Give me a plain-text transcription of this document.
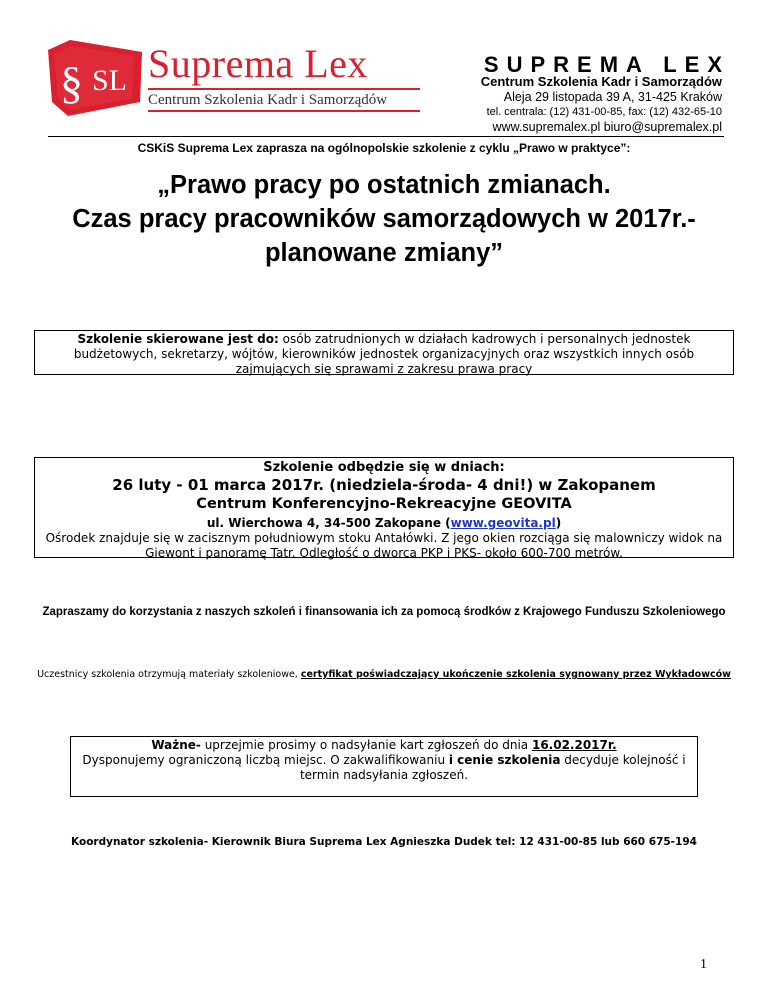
§ SL Suprema Lex
Centrum Szkolenia Kadr i Samorządów
SUPREMA LEX
Centrum Szkolenia Kadr i Samorządów
Aleja 29 listopada 39 A, 31-425 Kraków
tel. centrala: (12) 431-00-85, fax: (12) 432-65-10
www.supremalex.pl biuro@supremalex.pl
CSKiS Suprema Lex zaprasza na ogólnopolskie szkolenie z cyklu „Prawo w praktyce”:
„Prawo pracy po ostatnich zmianach.
Czas pracy pracowników samorządowych w 2017r.-
planowane zmiany”
Szkolenie skierowane jest do: osób zatrudnionych w działach kadrowych i personalnych jednostek budżetowych, sekretarzy, wójtów, kierowników jednostek organizacyjnych oraz wszystkich innych osób zajmujących się sprawami z zakresu prawa pracy
Szkolenie odbędzie się w dniach:
26 luty - 01 marca 2017r. (niedziela-środa- 4 dni!) w Zakopanem
Centrum Konferencyjno-Rekreacyjne GEOVITA
ul. Wierchowa 4, 34-500 Zakopane (www.geovita.pl)
Ośrodek znajduje się w zacisznym południowym stoku Antałówki. Z jego okien rozciąga się malowniczy widok na Giewont i panoramę Tatr. Odległość o dworca PKP i PKS- około 600-700 metrów.
Zapraszamy do korzystania z naszych szkoleń i finansowania ich za pomocą środków z Krajowego Funduszu Szkoleniowego
Uczestnicy szkolenia otrzymują materiały szkoleniowe, certyfikat poświadczający ukończenie szkolenia sygnowany przez Wykładowców
Ważne- uprzejmie prosimy o nadsyłanie kart zgłoszeń do dnia 16.02.2017r.
Dysponujemy ograniczoną liczbą miejsc. O zakwalifikowaniu i cenie szkolenia decyduje kolejność i termin nadsyłania zgłoszeń.
Koordynator szkolenia- Kierownik Biura Suprema Lex Agnieszka Dudek tel: 12 431-00-85 lub 660 675-194
1
